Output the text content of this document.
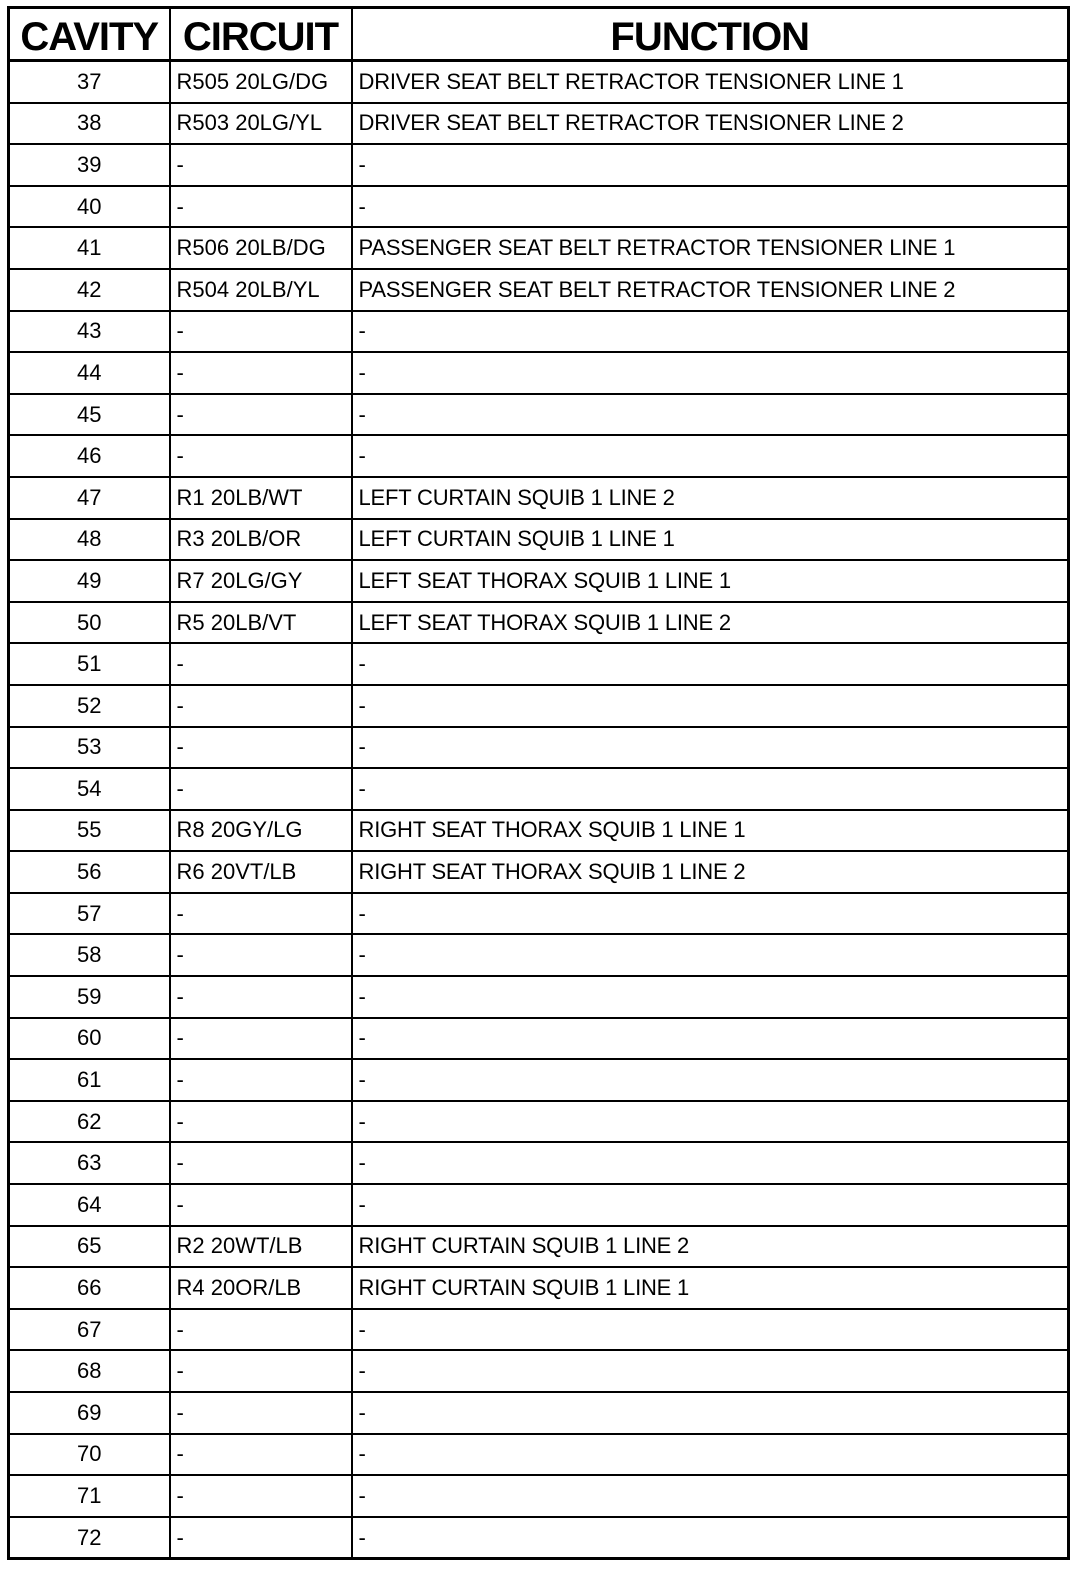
CAVITY	CIRCUIT	FUNCTION
37	R505 20LG/DG	DRIVER SEAT BELT RETRACTOR TENSIONER LINE 1
38	R503 20LG/YL	DRIVER SEAT BELT RETRACTOR TENSIONER LINE 2
39	-	-
40	-	-
41	R506 20LB/DG	PASSENGER SEAT BELT RETRACTOR TENSIONER LINE 1
42	R504 20LB/YL	PASSENGER SEAT BELT RETRACTOR TENSIONER LINE 2
43	-	-
44	-	-
45	-	-
46	-	-
47	R1 20LB/WT	LEFT CURTAIN SQUIB 1 LINE 2
48	R3 20LB/OR	LEFT CURTAIN SQUIB 1 LINE 1
49	R7 20LG/GY	LEFT SEAT THORAX SQUIB 1 LINE 1
50	R5 20LB/VT	LEFT SEAT THORAX SQUIB 1 LINE 2
51	-	-
52	-	-
53	-	-
54	-	-
55	R8 20GY/LG	RIGHT SEAT THORAX SQUIB 1 LINE 1
56	R6 20VT/LB	RIGHT SEAT THORAX SQUIB 1 LINE 2
57	-	-
58	-	-
59	-	-
60	-	-
61	-	-
62	-	-
63	-	-
64	-	-
65	R2 20WT/LB	RIGHT CURTAIN SQUIB 1 LINE 2
66	R4 20OR/LB	RIGHT CURTAIN SQUIB 1 LINE 1
67	-	-
68	-	-
69	-	-
70	-	-
71	-	-
72	-	-
